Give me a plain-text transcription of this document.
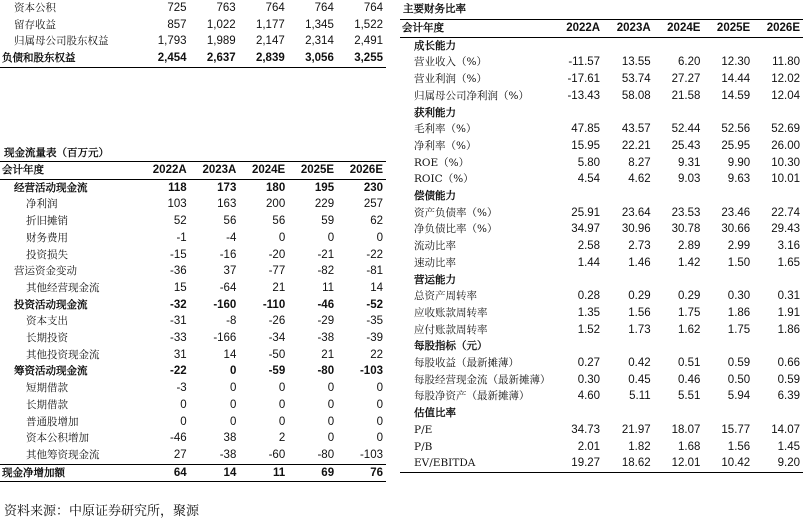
资本公积	725	763	764	764	764
留存收益	857	1,022	1,177	1,345	1,522
归属母公司股东权益	1,793	1,989	2,147	2,314	2,491
负债和股东权益	2,454	2,637	2,839	3,056	3,255
现金流量表（百万元）
会计年度	2022A	2023A	2024E	2025E	2026E
经营活动现金流	118	173	180	195	230
净利润	103	163	200	229	257
折旧摊销	52	56	56	59	62
财务费用	-1	-4	0	0	0
投资损失	-15	-16	-20	-21	-22
营运资金变动	-36	37	-77	-82	-81
其他经营现金流	15	-64	21	11	14
投资活动现金流	-32	-160	-110	-46	-52
资本支出	-31	-8	-26	-29	-35
长期投资	-33	-166	-34	-38	-39
其他投资现金流	31	14	-50	21	22
筹资活动现金流	-22	0	-59	-80	-103
短期借款	-3	0	0	0	0
长期借款	0	0	0	0	0
普通股增加	0	0	0	0	0
资本公积增加	-46	38	2	0	0
其他筹资现金流	27	-38	-60	-80	-103
现金净增加额	64	14	11	69	76
主要财务比率
会计年度	2022A	2023A	2024E	2025E	2026E
成长能力					
营业收入（%）	-11.57	13.55	6.20	12.30	11.80
营业利润（%）	-17.61	53.74	27.27	14.44	12.02
归属母公司净利润（%）	-13.43	58.08	21.58	14.59	12.04
获利能力					
毛利率（%）	47.85	43.57	52.44	52.56	52.69
净利率（%）	15.95	22.21	25.43	25.95	26.00
ROE（%）	5.80	8.27	9.31	9.90	10.30
ROIC（%）	4.54	4.62	9.03	9.63	10.01
偿债能力					
资产负债率（%）	25.91	23.64	23.53	23.46	22.74
净负债比率（%）	34.97	30.96	30.78	30.66	29.43
流动比率	2.58	2.73	2.89	2.99	3.16
速动比率	1.44	1.46	1.42	1.50	1.65
营运能力					
总资产周转率	0.28	0.29	0.29	0.30	0.31
应收账款周转率	1.35	1.56	1.75	1.86	1.91
应付账款周转率	1.52	1.73	1.62	1.75	1.86
每股指标（元）					
每股收益（最新摊薄）	0.27	0.42	0.51	0.59	0.66
每股经营现金流（最新摊薄）	0.30	0.45	0.46	0.50	0.59
每股净资产（最新摊薄）	4.60	5.11	5.51	5.94	6.39
估值比率					
P/E	34.73	21.97	18.07	15.77	14.07
P/B	2.01	1.82	1.68	1.56	1.45
EV/EBITDA	19.27	18.62	12.01	10.42	9.20
资料来源：中原证券研究所，聚源
